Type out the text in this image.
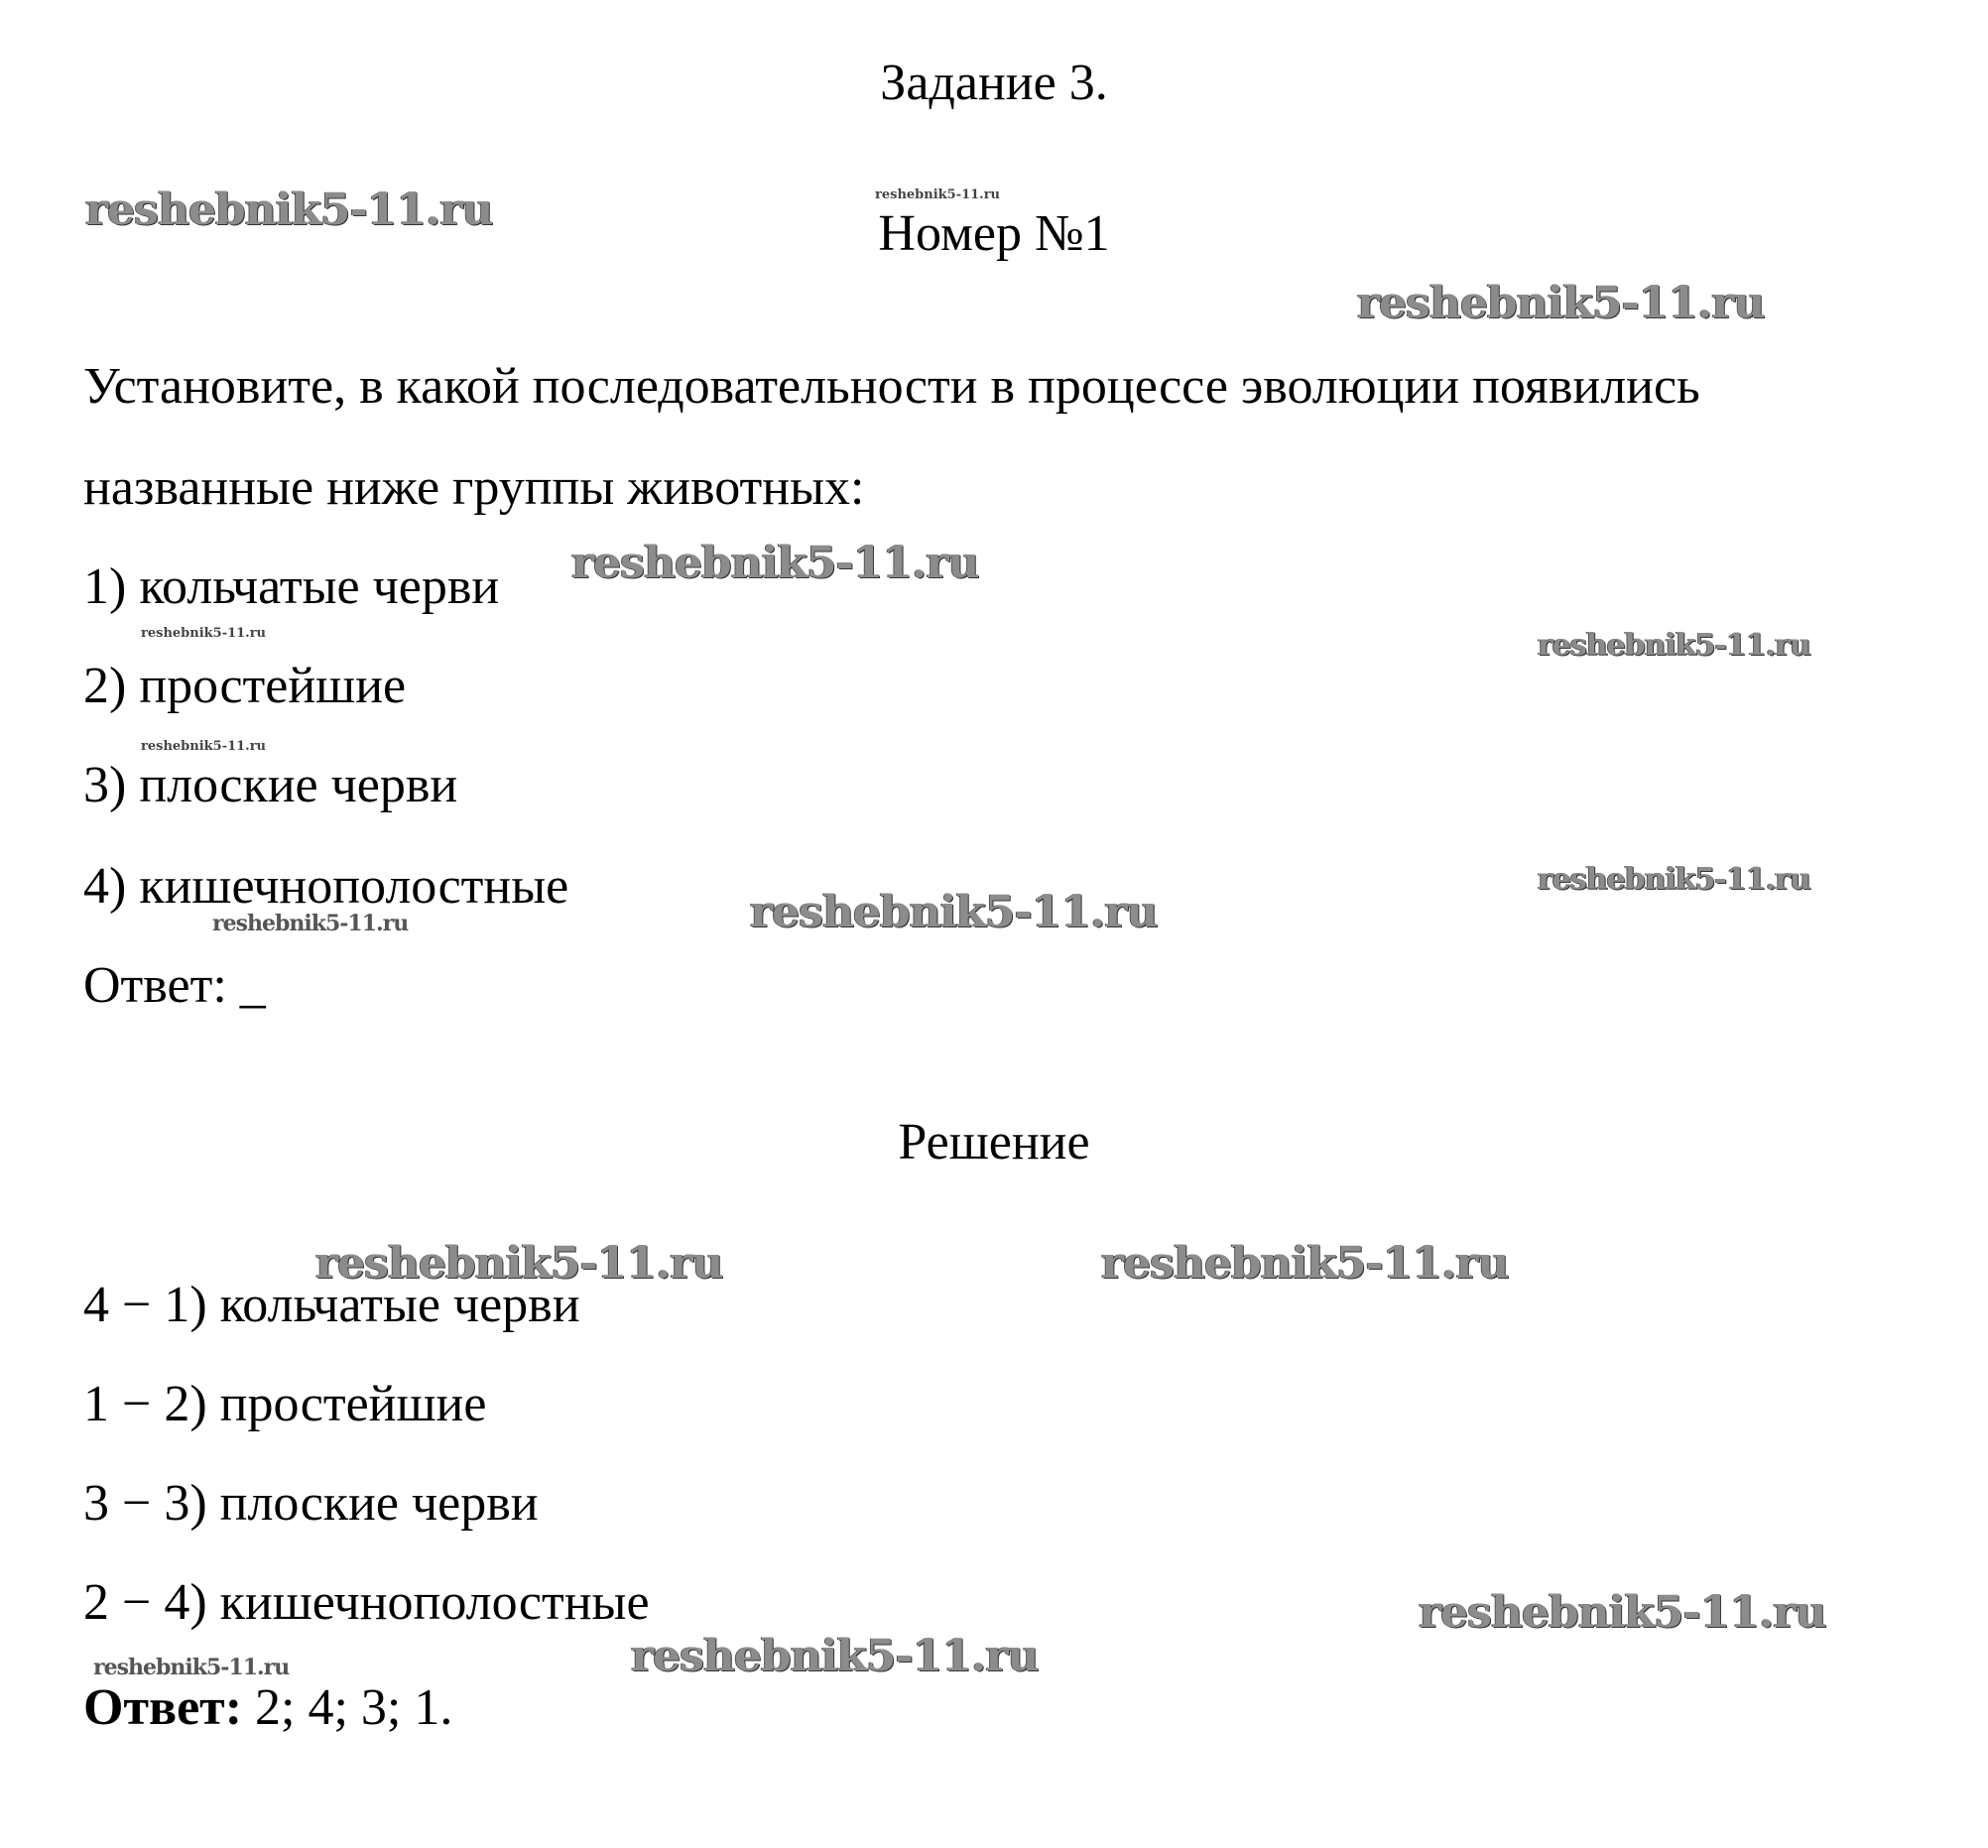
Задание 3.
Номер №1
Установите, в какой последовательности в процессе эволюции появились
названные ниже группы животных:
1) кольчатые черви
2) простейшие
3) плоские черви
4) кишечнополостные
Ответ: _
Решение
4 − 1) кольчатые черви
1 − 2) простейшие
3 − 3) плоские черви
2 − 4) кишечнополостные
Ответ: 2; 4; 3; 1.
reshebnik5-11.ru	reshebnik5-11.ru
reshebnik5-11.ru
reshebnik5-11.ru
reshebnik5-11.ru	reshebnik5-11.ru
reshebnik5-11.ru
reshebnik5-11.ru
reshebnik5-11.ru
reshebnik5-11.ru
reshebnik5-11.ru	reshebnik5-11.ru
reshebnik5-11.ru
reshebnik5-11.ru	reshebnik5-11.ru
